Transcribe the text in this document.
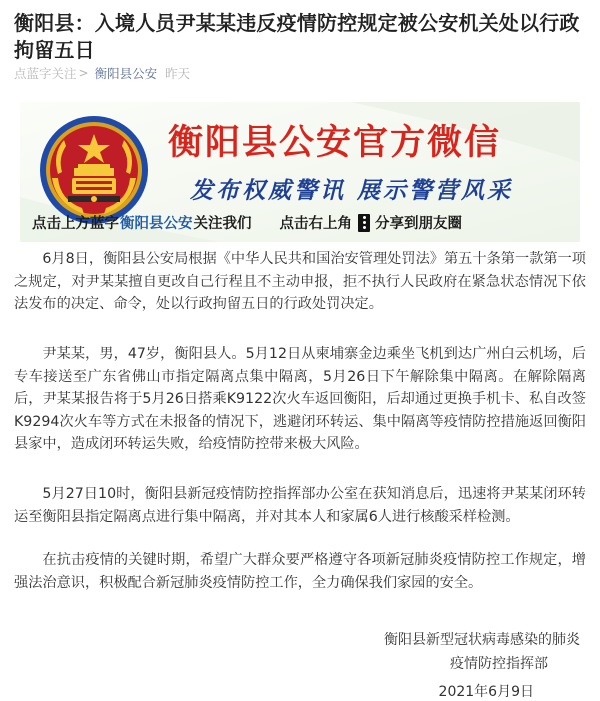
衡阳县：入境人员尹某某违反疫情防控规定被公安机关处以行政拘留五日
点蓝字关注 > 衡阳县公安 昨天
衡阳县公安官方微信
发布权威警讯 展示警营风采
点击上方蓝字 衡阳县公安 关注我们 点击右上角 分享到朋友圈

6月8日，衡阳县公安局根据《中华人民共和国治安管理处罚法》第五十条第一款第一项之规定，对尹某某擅自更改自己行程且不主动申报，拒不执行人民政府在紧急状态情况下依法发布的决定、命令，处以行政拘留五日的行政处罚决定。

尹某某，男，47岁，衡阳县人。5月12日从柬埔寨金边乘坐飞机到达广州白云机场，后专车接送至广东省佛山市指定隔离点集中隔离，5月26日下午解除集中隔离。在解除隔离后，尹某某报告将于5月26日搭乘K9122次火车返回衡阳，后却通过更换手机卡、私自改签K9294次火车等方式在未报备的情况下，逃避闭环转运、集中隔离等疫情防控措施返回衡阳县家中，造成闭环转运失败，给疫情防控带来极大风险。

5月27日10时，衡阳县新冠疫情防控指挥部办公室在获知消息后，迅速将尹某某闭环转运至衡阳县指定隔离点进行集中隔离，并对其本人和家属6人进行核酸采样检测。

在抗击疫情的关键时期，希望广大群众要严格遵守各项新冠肺炎疫情防控工作规定，增强法治意识，积极配合新冠肺炎疫情防控工作，全力确保我们家园的安全。

衡阳县新型冠状病毒感染的肺炎

疫情防控指挥部

2021年6月9日
